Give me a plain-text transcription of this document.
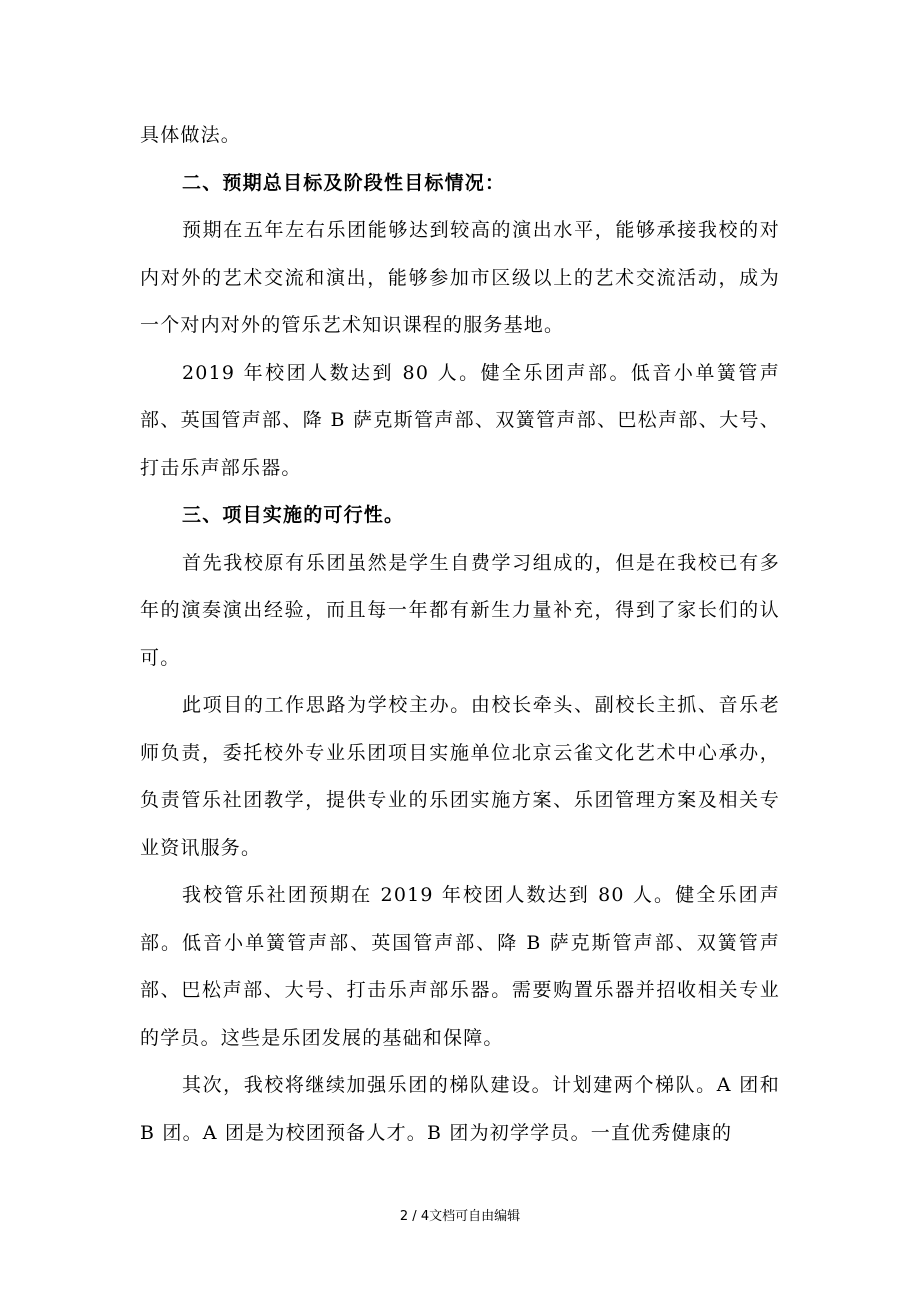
具体做法。

二、预期总目标及阶段性目标情况：

预期在五年左右乐团能够达到较高的演出水平，能够承接我校的对内对外的艺术交流和演出，能够参加市区级以上的艺术交流活动，成为一个对内对外的管乐艺术知识课程的服务基地。

2019 年校团人数达到 80 人。健全乐团声部。低音小单簧管声部、英国管声部、降 B 萨克斯管声部、双簧管声部、巴松声部、大号、打击乐声部乐器。

三、项目实施的可行性。

首先我校原有乐团虽然是学生自费学习组成的，但是在我校已有多年的演奏演出经验，而且每一年都有新生力量补充，得到了家长们的认可。

此项目的工作思路为学校主办。由校长牵头、副校长主抓、音乐老师负责，委托校外专业乐团项目实施单位北京云雀文化艺术中心承办，负责管乐社团教学，提供专业的乐团实施方案、乐团管理方案及相关专业资讯服务。

我校管乐社团预期在 2019 年校团人数达到 80 人。健全乐团声部。低音小单簧管声部、英国管声部、降 B 萨克斯管声部、双簧管声部、巴松声部、大号、打击乐声部乐器。需要购置乐器并招收相关专业的学员。这些是乐团发展的基础和保障。

其次，我校将继续加强乐团的梯队建设。计划建两个梯队。A 团和 B 团。A 团是为校团预备人才。B 团为初学学员。一直优秀健康的

2 / 4文档可自由编辑
